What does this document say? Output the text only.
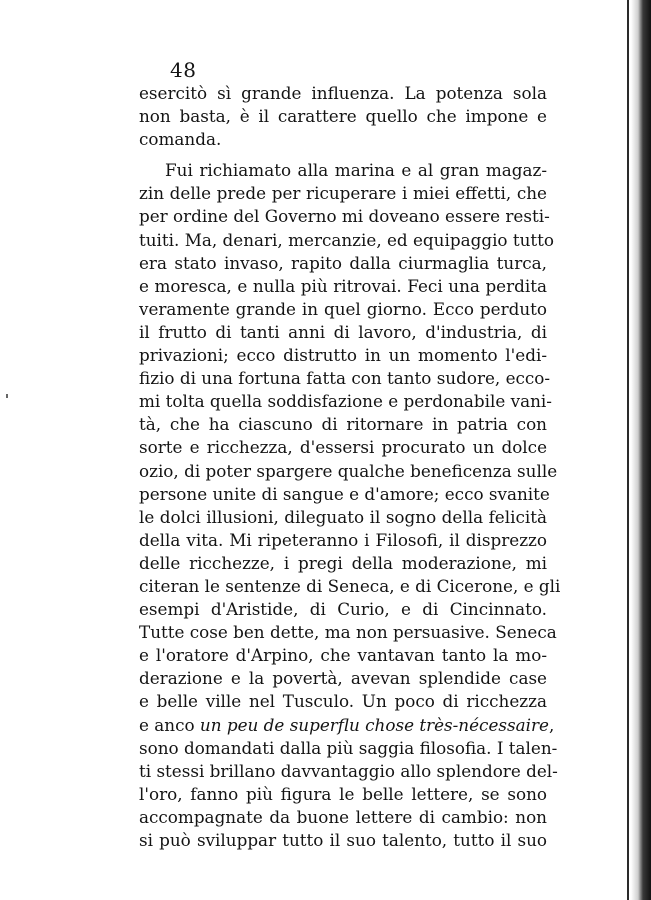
48
esercitò sì grande influenza. La potenza sola
non basta, è il carattere quello che impone e
comanda.
Fui richiamato alla marina e al gran magaz-
zin delle prede per ricuperare i miei effetti, che
per ordine del Governo mi doveano essere resti-
tuiti. Ma, denari, mercanzie, ed equipaggio tutto
era stato invaso, rapito dalla ciurmaglia turca,
e moresca, e nulla più ritrovai. Feci una perdita
veramente grande in quel giorno. Ecco perduto
il frutto di tanti anni di lavoro, d'industria, di
privazioni; ecco distrutto in un momento l'edi-
fizio di una fortuna fatta con tanto sudore, ecco-
mi tolta quella soddisfazione e perdonabile vani-
tà, che ha ciascuno di ritornare in patria con
sorte e ricchezza, d'essersi procurato un dolce
ozio, di poter spargere qualche beneficenza sulle
persone unite di sangue e d'amore; ecco svanite
le dolci illusioni, dileguato il sogno della felicità
della vita. Mi ripeteranno i Filosofi, il disprezzo
delle ricchezze, i pregi della moderazione, mi
citeran le sentenze di Seneca, e di Cicerone, e gli
esempi d'Aristide, di Curio, e di Cincinnato.
Tutte cose ben dette, ma non persuasive. Seneca
e l'oratore d'Arpino, che vantavan tanto la mo-
derazione e la povertà, avevan splendide case
e belle ville nel Tusculo. Un poco di ricchezza
e anco un peu de superflu chose très-nécessaire,
sono domandati dalla più saggia filosofia. I talen-
ti stessi brillano davvantaggio allo splendore del-
l'oro, fanno più figura le belle lettere, se sono
accompagnate da buone lettere di cambio: non
si può sviluppar tutto il suo talento, tutto il suo
